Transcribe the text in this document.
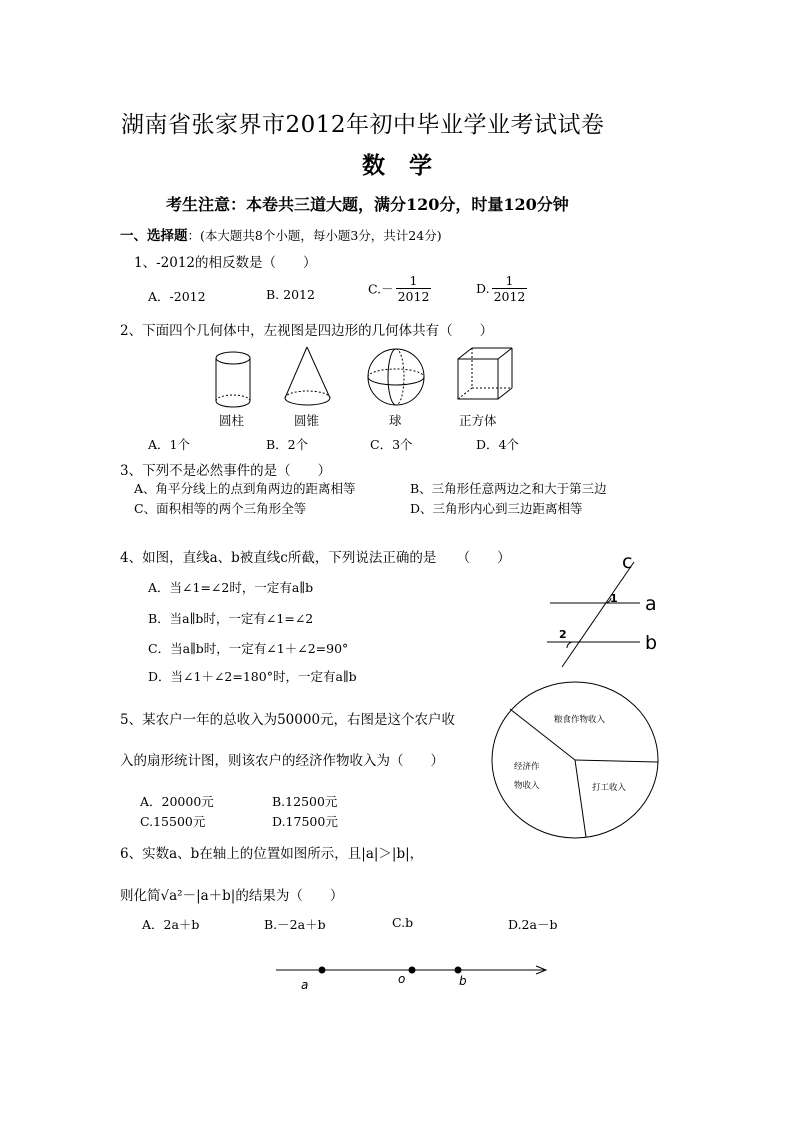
湖南省张家界市2012年初中毕业学业考试试卷
数学
考生注意：本卷共三道大题，满分120分，时量120分钟
一、选择题：(本大题共8个小题，每小题3分，共计24分)
1、-2012的相反数是（　　）
A．-2012	B. 2012	$C.- \frac{1}{2012}$	D. $\frac{1}{2012}$
2、下面四个几何体中，左视图是四边形的几何体共有（　　）
圆柱	圆锥	球	正方体
A．1个	B．2个	C．3个	D．4个
3、下列不是必然事件的是（　　）
A、角平分线上的点到角两边的距离相等	B、三角形任意两边之和大于第三边
C、面积相等的两个三角形全等	D、三角形内心到三边距离相等
4、如图，直线a、b被直线c所截，下列说法正确的是　　（　　）
A．当∠1=∠2时，一定有a∥b
B．当a∥b时，一定有∠1=∠2
C．当a∥b时，一定有∠1＋∠2=90°
D．当∠1＋∠2=180°时，一定有a∥b
c
a
b
1
2
5、某农户一年的总收入为50000元，右图是这个农户收
入的扇形统计图，则该农户的经济作物收入为（　　）
A．20000元	B.12500元
C.15500元	D.17500元
粮食作物收入
经济作
物收入	打工收入
6、实数a、b在轴上的位置如图所示，且|a|＞|b|，
则化简√a²－|a＋b|的结果为（　　）
A．2a＋b	B.－2a＋b	C.b	D.2a－b
a	o	b
